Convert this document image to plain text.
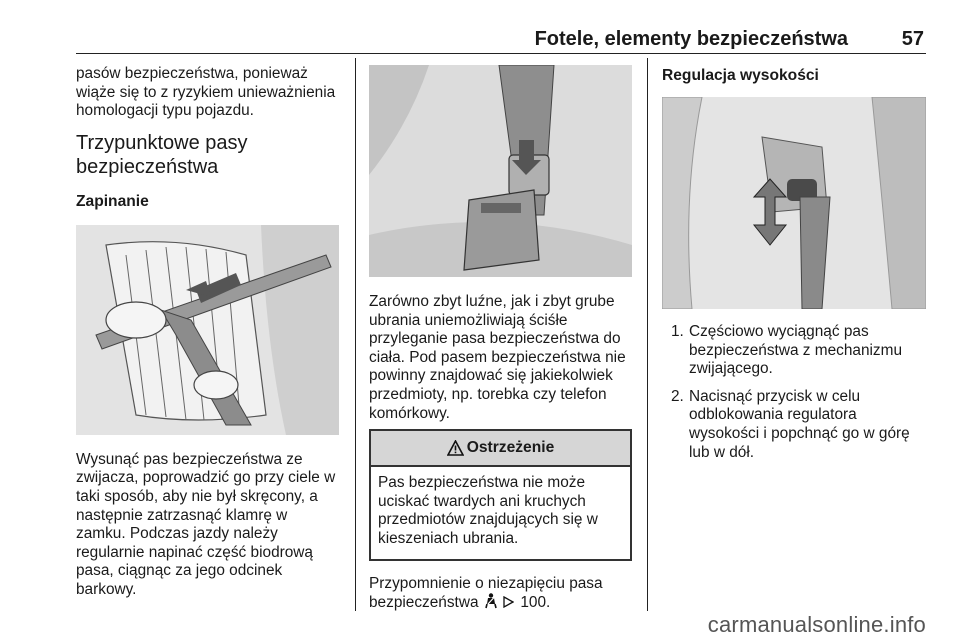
Fotele, elementy bezpieczeństwa	57

pasów bezpieczeństwa, ponieważ wiąże się to z ryzykiem unieważnienia homologacji typu pojazdu.

Trzypunktowe pasy bezpieczeństwa
Zapinanie

Wysunąć pas bezpieczeństwa ze zwijacza, poprowadzić go przy ciele w taki sposób, aby nie był skręcony, a następnie zatrzasnąć klamrę w zamku. Podczas jazdy należy regularnie napinać część biodrową pasa, ciągnąc za jego odcinek barkowy.

Zarówno zbyt luźne, jak i zbyt grube ubrania uniemożliwiają ściśłe przyleganie pasa bezpieczeństwa do ciała. Pod pasem bezpieczeństwa nie powinny znajdować się jakiekolwiek przedmioty, np. torebka czy telefon komórkowy.

Ostrzeżenie

Pas bezpieczeństwa nie może uciskać twardych ani kruchych przedmiotów znajdujących się w kieszeniach ubrania.

Przypomnienie o niezapięciu pasa bezpieczeństwa	100.

Regulacja wysokości
1. Częściowo wyciągnąć pas bezpieczeństwa z mechanizmu zwijającego.
2. Nacisnąć przycisk w celu odblokowania regulatora wysokości i popchnąć go w górę lub w dół.
carmanualsonline.info
